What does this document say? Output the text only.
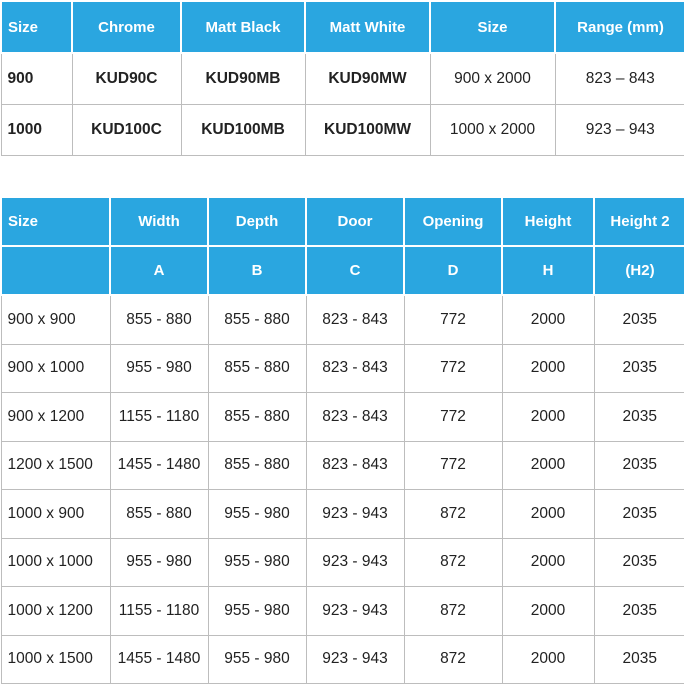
Size	Chrome	Matt Black	Matt White	Size	Range (mm)
900	KUD90C	KUD90MB	KUD90MW	900 x 2000	823 – 843
1000	KUD100C	KUD100MB	KUD100MW	1000 x 2000	923 – 943
Size	Width	Depth	Door	Opening	Height	Height 2
	A	B	C	D	H	(H2)
900 x 900	855 - 880	855 - 880	823 - 843	772	2000	2035
900 x 1000	955 - 980	855 - 880	823 - 843	772	2000	2035
900 x 1200	1155 - 1180	855 - 880	823 - 843	772	2000	2035
1200 x 1500	1455 - 1480	855 - 880	823 - 843	772	2000	2035
1000 x 900	855 - 880	955 - 980	923 - 943	872	2000	2035
1000 x 1000	955 - 980	955 - 980	923 - 943	872	2000	2035
1000 x 1200	1155 - 1180	955 - 980	923 - 943	872	2000	2035
1000 x 1500	1455 - 1480	955 - 980	923 - 943	872	2000	2035
